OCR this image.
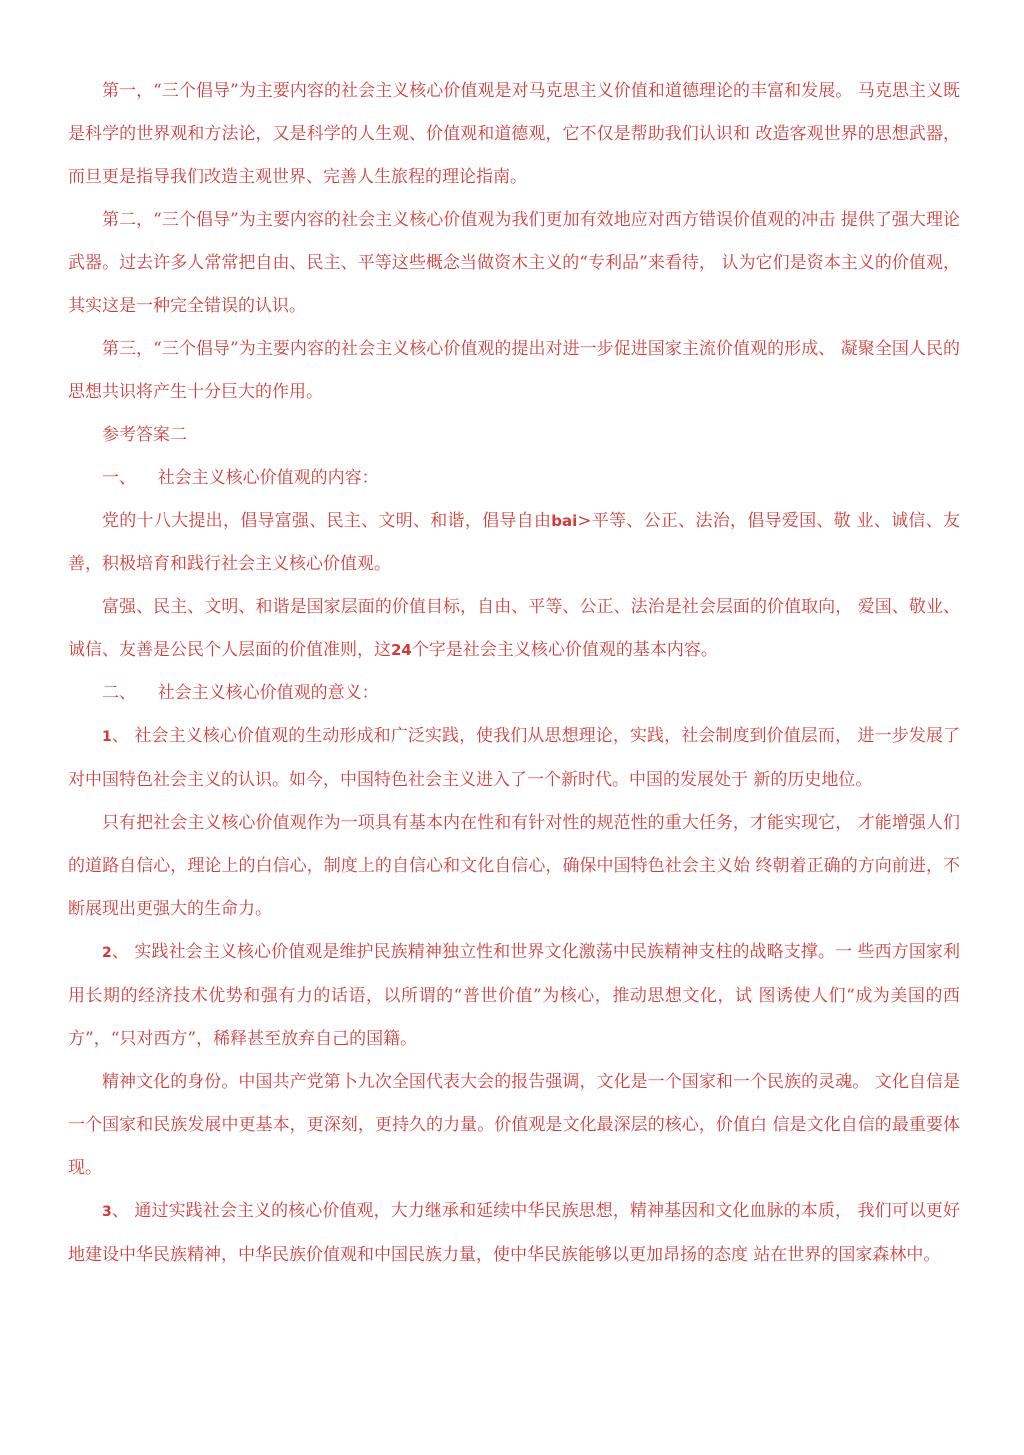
第一，“三个倡导”为主要内容的社会主义核心价值观是对马克思主义价值和道德理论的丰富和发展。 马克思主义既是科学的世界观和方法论，又是科学的人生观、价值观和道德观，它不仅是帮助我们认识和 改造客观世界的思想武器，而旦更是指导我们改造主观世界、完善人生旅程的理论指南。

第二，“三个倡导”为主要内容的社会主义核心价值观为我们更加有效地应对西方错误价值观的冲击 提供了强大理论武器。过去许多人常常把自由、民主、平等这些概念当做资木主义的“专利品”来看待， 认为它们是资本主义的价值观，其实这是一种完全错误的认识。

第三，“三个倡导”为主要内容的社会主义核心价值观的提出对进一步促进国家主流价值观的形成、 凝聚全国人民的思想共识将产生十分巨大的作用。

参考答案二

一、    社会主义核心价值观的内容：

党的十八大提出，倡导富强、民主、文明、和谐，倡导自由bai>平等、公正、法治，倡导爱国、敬 业、诚信、友善，积极培育和践行社会主义核心价值观。

富强、民主、文明、和谐是国家层面的价值目标，自由、平等、公正、法治是社会层面的价值取向， 爱国、敬业、诚信、友善是公民个人层面的价值准则，这24个字是社会主义核心价值观的基本内容。

二、    社会主义核心价值观的意义：

1、 社会主义核心价值观的生动形成和广泛实践，使我们从思想理论，实践，社会制度到价值层而， 进一步发展了对中国特色社会主义的认识。如今，中国特色社会主义进入了一个新时代。中国的发展处于 新的历史地位。

只有把社会主义核心价值观作为一项具有基本内在性和有针对性的规范性的重大任务，才能实现它， 才能增强人们的道路自信心，理论上的白信心，制度上的自信心和文化自信心，确保中国特色社会主义始 终朝着正确的方向前进，不断展现出更强大的生命力。

2、 实践社会主义核心价值观是维护民族精神独立性和世界文化激荡中民族精神支柱的战略支撑。一 些西方国家利用长期的经济技术优势和强有力的话语，以所谓的“普世价值”为核心，推动思想文化，试 图诱使人们“成为美国的西方”，“只对西方”，稀释甚至放弃自己的国籍。

精神文化的身份。中国共产党第卜九次全国代表大会的报告强调，文化是一个国家和一个民族的灵魂。 文化自信是一个国家和民族发展中更基本，更深刻，更持久的力量。价值观是文化最深层的核心，价值白 信是文化自信的最重要体现。

3、 通过实践社会主义的核心价值观，大力继承和延续中华民族思想，精神基因和文化血脉的本质， 我们可以更好地建设中华民族精神，中华民族价值观和中国民族力量，使中华民族能够以更加昂扬的态度 站在世界的国家森林中。
